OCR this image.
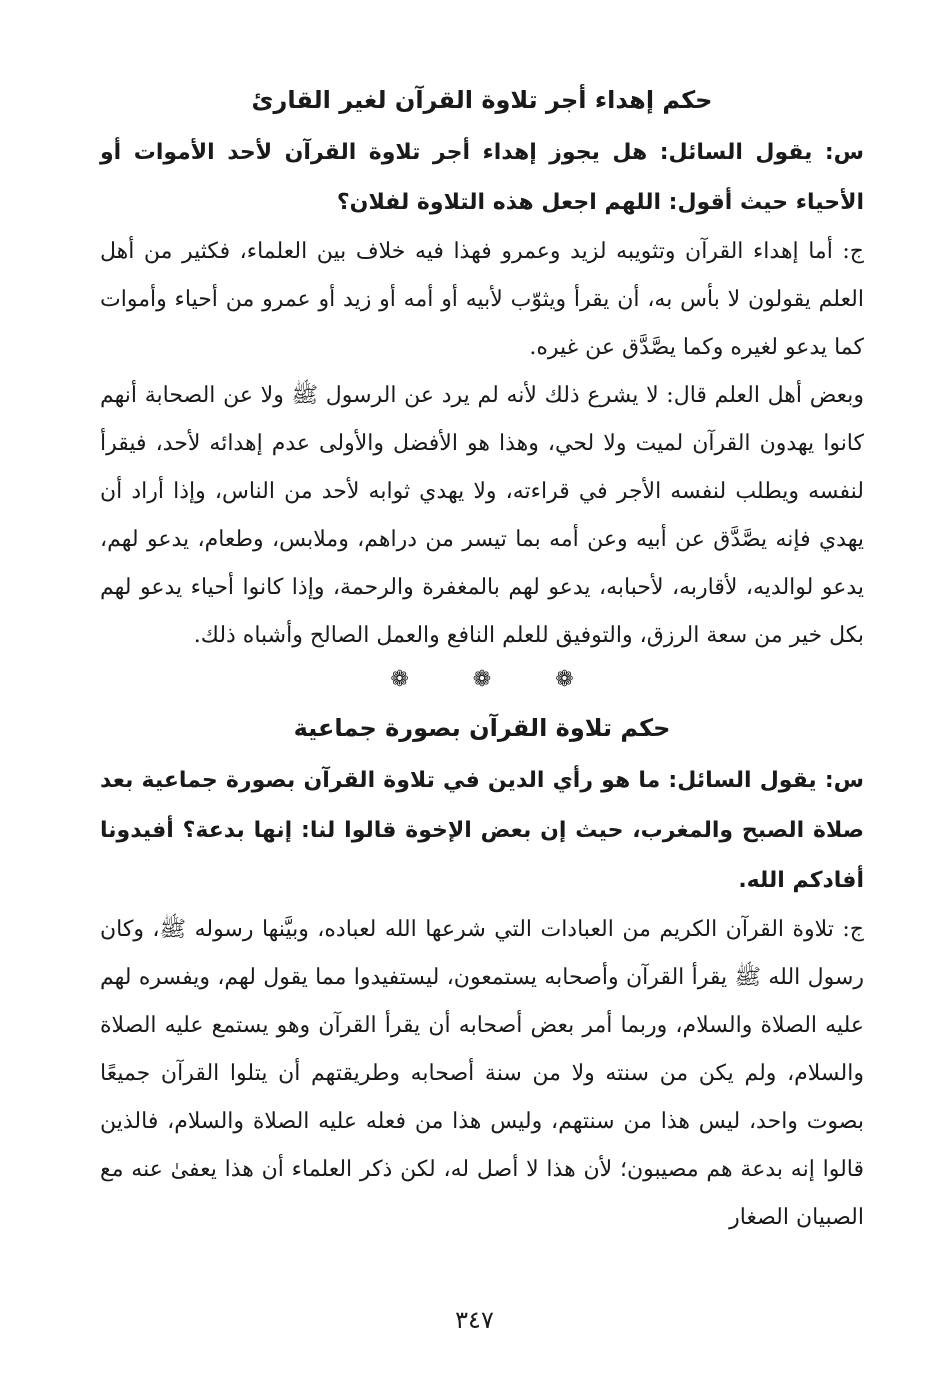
حكم إهداء أجر تلاوة القرآن لغير القارئ

س: يقول السائل: هل يجوز إهداء أجر تلاوة القرآن لأحد الأموات أو الأحياء حيث أقول: اللهم اجعل هذه التلاوة لفلان؟

ج: أما إهداء القرآن وتثويبه لزيد وعمرو فهذا فيه خلاف بين العلماء، فكثير من أهل العلم يقولون لا بأس به، أن يقرأ ويثوّب لأبيه أو أمه أو زيد أو عمرو من أحياء وأموات كما يدعو لغيره وكما يصَّدَّق عن غيره.

وبعض أهل العلم قال: لا يشرع ذلك لأنه لم يرد عن الرسول ﷺ ولا عن الصحابة أنهم كانوا يهدون القرآن لميت ولا لحي، وهذا هو الأفضل والأولى عدم إهدائه لأحد، فيقرأ لنفسه ويطلب لنفسه الأجر في قراءته، ولا يهدي ثوابه لأحد من الناس، وإذا أراد أن يهدي فإنه يصَّدَّق عن أبيه وعن أمه بما تيسر من دراهم، وملابس، وطعام، يدعو لهم، يدعو لوالديه، لأقاربه، لأحبابه، يدعو لهم بالمغفرة والرحمة، وإذا كانوا أحياء يدعو لهم بكل خير من سعة الرزق، والتوفيق للعلم النافع والعمل الصالح وأشباه ذلك.

❁
❁
❁
حكم تلاوة القرآن بصورة جماعية

س: يقول السائل: ما هو رأي الدين في تلاوة القرآن بصورة جماعية بعد صلاة الصبح والمغرب، حيث إن بعض الإخوة قالوا لنا: إنها بدعة؟ أفيدونا أفادكم الله.

ج: تلاوة القرآن الكريم من العبادات التي شرعها الله لعباده، وبيَّنها رسوله ﷺ، وكان رسول الله ﷺ يقرأ القرآن وأصحابه يستمعون، ليستفيدوا مما يقول لهم، ويفسره لهم عليه الصلاة والسلام، وربما أمر بعض أصحابه أن يقرأ القرآن وهو يستمع عليه الصلاة والسلام، ولم يكن من سنته ولا من سنة أصحابه وطريقتهم أن يتلوا القرآن جميعًا بصوت واحد، ليس هذا من سنتهم، وليس هذا من فعله عليه الصلاة والسلام، فالذين قالوا إنه بدعة هم مصيبون؛ لأن هذا لا أصل له، لكن ذكر العلماء أن هذا يعفىٰ عنه مع الصبيان الصغار

٣٤٧
